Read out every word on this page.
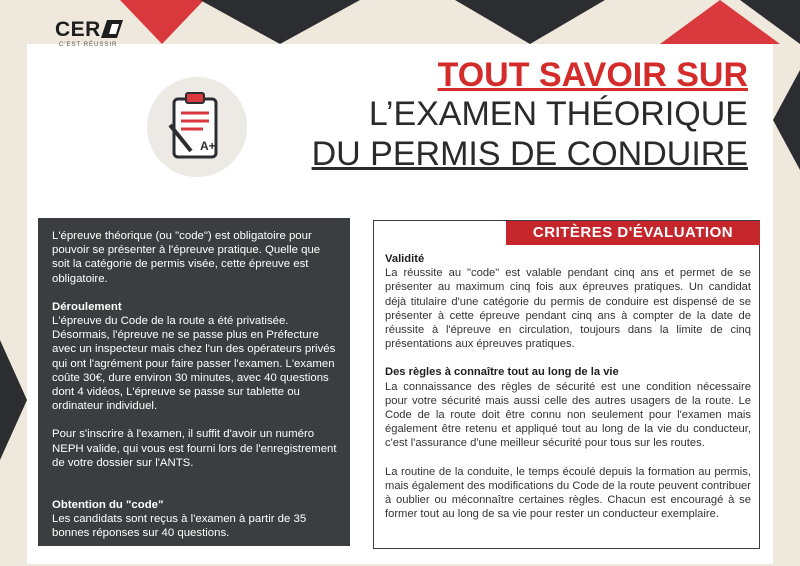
CER
C'EST RÉUSSIR
A+
TOUT SAVOIR SUR
L’EXAMEN THÉORIQUE
DU PERMIS DE CONDUIRE

L'épreuve théorique (ou "code") est obligatoire pour pouvoir se présenter à l'épreuve pratique. Quelle que soit la catégorie de permis visée, cette épreuve est obligatoire.

Déroulement

L'épreuve du Code de la route a été privatisée. Désormais, l'épreuve ne se passe plus en Préfecture avec un inspecteur mais chez l'un des opérateurs privés qui ont l'agrément pour faire passer l'examen. L'examen coûte 30€, dure environ 30 minutes, avec 40 questions dont 4 vidéos, L'épreuve se passe sur tablette ou ordinateur individuel.

Pour s'inscrire à l'examen, il suffit d'avoir un numéro NEPH valide, qui vous est fourni lors de l'enregistrement de votre dossier sur l'ANTS.

Obtention du "code"

Les candidats sont reçus à l'examen à partir de 35 bonnes réponses sur 40 questions.

CRITÈRES D'ÉVALUATION

Validité

La réussite au "code" est valable pendant cinq ans et permet de se présenter au maximum cinq fois aux épreuves pratiques. Un candidat déjà titulaire d'une catégorie du permis de conduire est dispensé de se présenter à cette épreuve pendant cinq ans à compter de la date de réussite à l'épreuve en circulation, toujours dans la limite de cinq présentations aux épreuves pratiques.

Des règles à connaître tout au long de la vie

La connaissance des règles de sécurité est une condition nécessaire pour votre sécurité mais aussi celle des autres usagers de la route. Le Code de la route doit être connu non seulement pour l'examen mais également être retenu et appliqué tout au long de la vie du conducteur, c'est l'assurance d'une meilleur sécurité pour tous sur les routes.

La routine de la conduite, le temps écoulé depuis la formation au permis, mais également des modifications du Code de la route peuvent contribuer à oublier ou méconnaître certaines règles. Chacun est encouragé à se former tout au long de sa vie pour rester un conducteur exemplaire.
